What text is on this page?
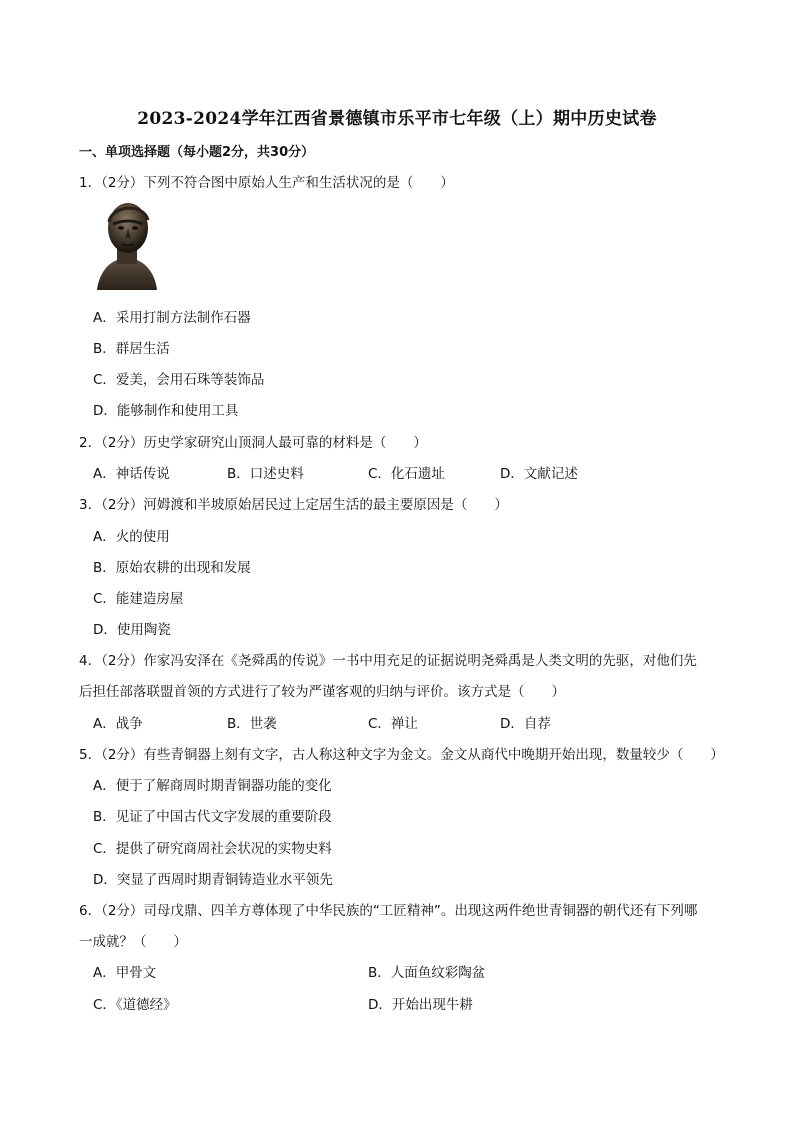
2023-2024学年江西省景德镇市乐平市七年级（上）期中历史试卷
一、单项选择题（每小题2分，共30分）
1．（2分）下列不符合图中原始人生产和生活状况的是（　　）
A．采用打制方法制作石器
B．群居生活
C．爱美，会用石珠等装饰品
D．能够制作和使用工具
2．（2分）历史学家研究山顶洞人最可靠的材料是（　　）
A．神话传说	B．口述史料	C．化石遗址	D．文献记述
3．（2分）河姆渡和半坡原始居民过上定居生活的最主要原因是（　　）
A．火的使用
B．原始农耕的出现和发展
C．能建造房屋
D．使用陶瓷
4．（2分）作家冯安泽在《尧舜禹的传说》一书中用充足的证据说明尧舜禹是人类文明的先驱，对他们先
后担任部落联盟首领的方式进行了较为严谨客观的归纳与评价。该方式是（　　）
A．战争	B．世袭	C．禅让	D．自荐
5．（2分）有些青铜器上刻有文字，古人称这种文字为金文。金文从商代中晚期开始出现，数量较少（　　）
A．便于了解商周时期青铜器功能的变化
B．见证了中国古代文字发展的重要阶段
C．提供了研究商周社会状况的实物史料
D．突显了西周时期青铜铸造业水平领先
6．（2分）司母戊鼎、四羊方尊体现了中华民族的“工匠精神”。出现这两件绝世青铜器的朝代还有下列哪
一成就？（　　）
A．甲骨文	B．人面鱼纹彩陶盆
C．《道德经》	D．开始出现牛耕
